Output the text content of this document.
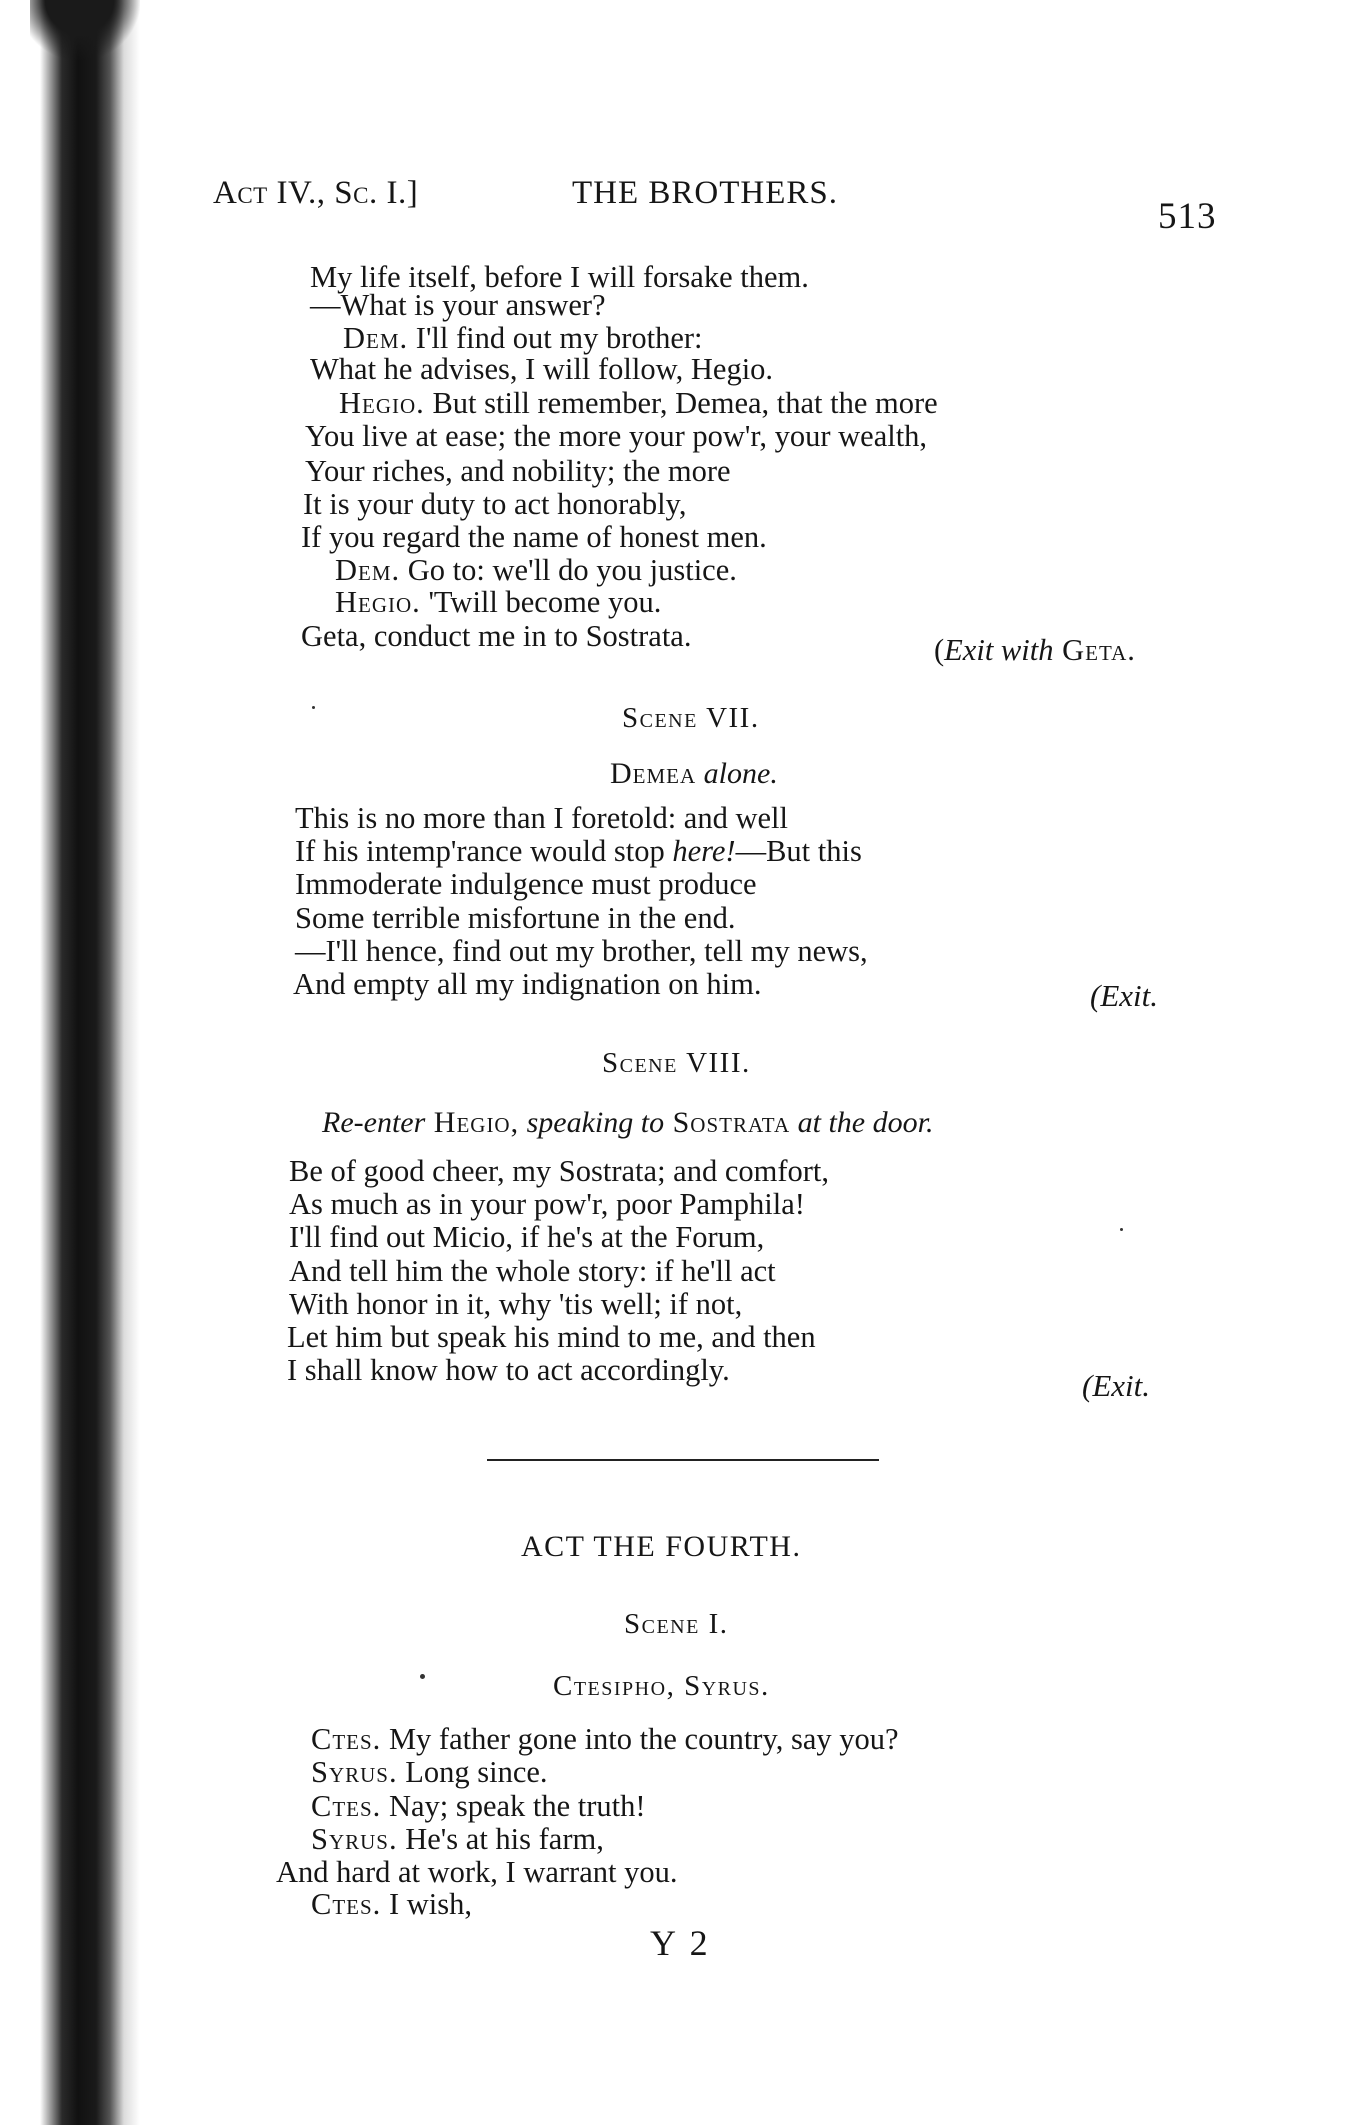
Act IV., Sc. I.]	THE BROTHERS.
513
My life itself, before I will forsake them.
—What is your answer?
Dem. I'll find out my brother:
What he advises, I will follow, Hegio.
Hegio. But still remember, Demea, that the more
You live at ease; the more your pow'r, your wealth,
Your riches, and nobility; the more
It is your duty to act honorably,
If you regard the name of honest men.
Dem. Go to: we'll do you justice.
Hegio. 'Twill become you.
Geta, conduct me in to Sostrata.	(Exit with Geta.
Scene VII.
Demea alone.
This is no more than I foretold: and well
If his intemp'rance would stop here!—But this
Immoderate indulgence must produce
Some terrible misfortune in the end.
—I'll hence, find out my brother, tell my news,
And empty all my indignation on him.	(Exit.
Scene VIII.
Re-enter Hegio, speaking to Sostrata at the door.
Be of good cheer, my Sostrata; and comfort,
As much as in your pow'r, poor Pamphila!
I'll find out Micio, if he's at the Forum,
And tell him the whole story: if he'll act
With honor in it, why 'tis well; if not,
Let him but speak his mind to me, and then
I shall know how to act accordingly.	(Exit.
ACT THE FOURTH.
Scene I.
Ctesipho, Syrus.
Ctes. My father gone into the country, say you?
Syrus. Long since.
Ctes. Nay; speak the truth!
Syrus. He's at his farm,
And hard at work, I warrant you.
Ctes. I wish,
Y 2
